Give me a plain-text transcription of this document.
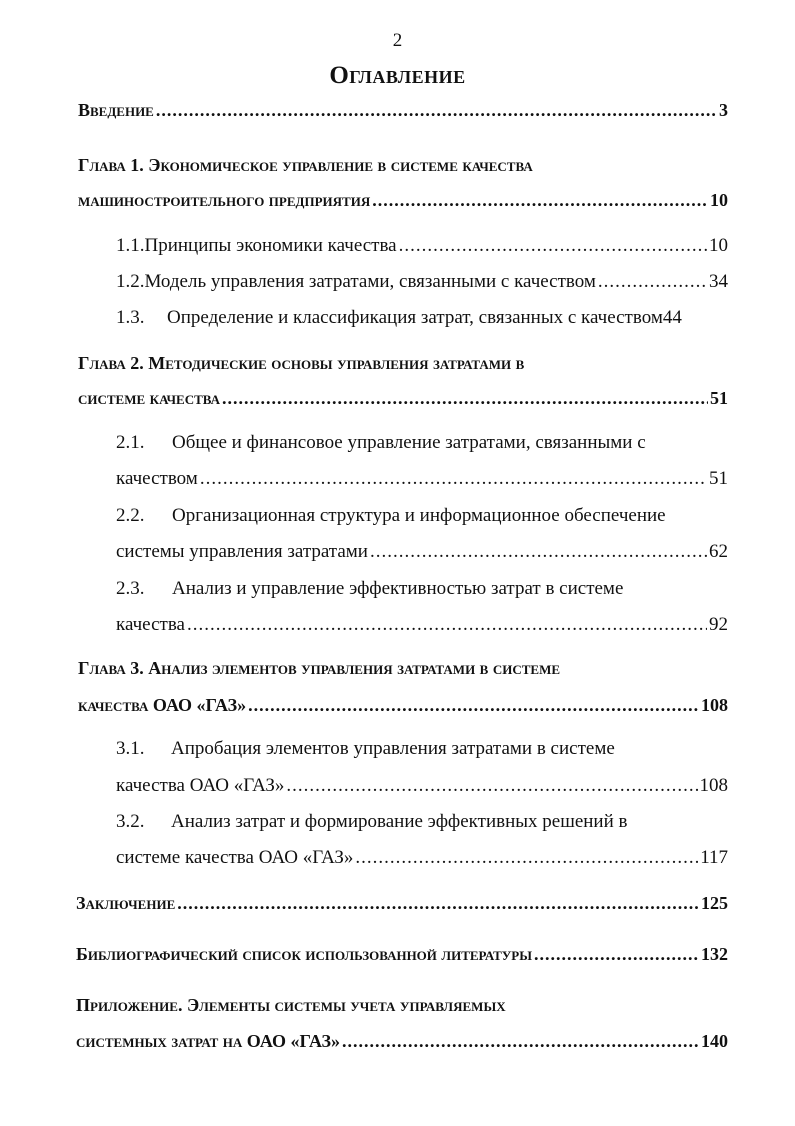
2
Оглавление
Введение .....	3
Глава 1. Экономическое управление в системе качества
машиностроительного предприятия .....	10
1.1. Принципы экономики качества .....	10
1.2. Модель управления затратами, связанными с качеством .....	34
1.3.	Определение и классификация затрат, связанных с качеством 44
Глава 2. Методические основы управления затратами в
системе качества .....	51
2.1. Общее и финансовое управление затратами, связанными с
качеством .....	51
2.2. Организационная структура и информационное обеспечение
системы управления затратами .....	62
2.3. Анализ и управление эффективностью затрат в системе
качества .....	92
Глава 3. Анализ элементов управления затратами в системе
качества ОАО «ГАЗ» .....	108
3.1. Апробация элементов управления затратами в системе
качества ОАО «ГАЗ» .....	108
3.2. Анализ затрат и формирование эффективных решений в
системе качества ОАО «ГАЗ» .....	117
Заключение .....	125
Библиографический список использованной литературы .....	132
Приложение. Элементы системы учета управляемых
системных затрат на ОАО «ГАЗ» .....	140
